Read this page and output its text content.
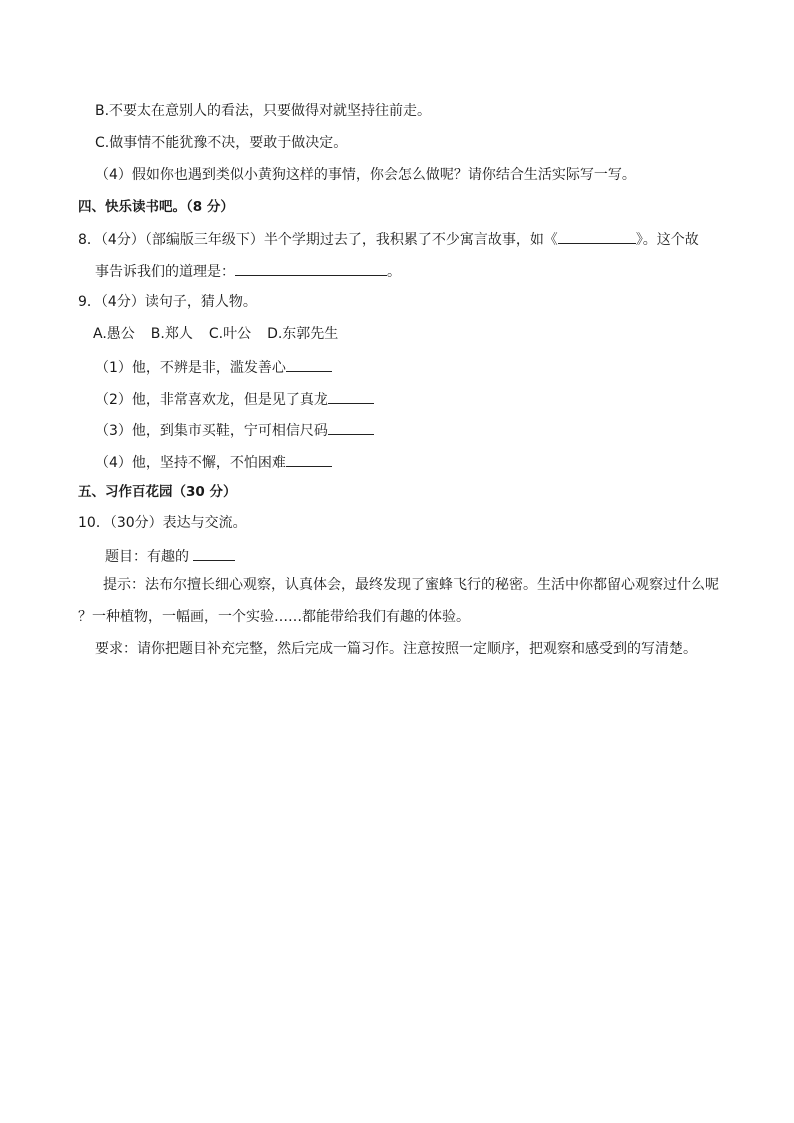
B.不要太在意别人的看法，只要做得对就坚持往前走。
C.做事情不能犹豫不决，要敢于做决定。
（4）假如你也遇到类似小黄狗这样的事情，你会怎么做呢？请你结合生活实际写一写。
四、快乐读书吧。（8 分）
8．（4分）（部编版三年级下）半个学期过去了，我积累了不少寓言故事，如《	》。这个故
事告诉我们的道理是：	。
9．（4分）读句子，猜人物。
A.愚公 B.郑人 C.叶公 D.东郭先生
（1）他，不辨是非，滥发善心
（2）他，非常喜欢龙，但是见了真龙
（3）他，到集市买鞋，宁可相信尺码
（4）他，坚持不懈，不怕困难
五、习作百花园（30 分）
10．（30分）表达与交流。
题目：有趣的
提示：法布尔擅长细心观察，认真体会，最终发现了蜜蜂飞行的秘密。生活中你都留心观察过什么呢
？一种植物，一幅画，一个实验……都能带给我们有趣的体验。
要求：请你把题目补充完整，然后完成一篇习作。注意按照一定顺序，把观察和感受到的写清楚。
